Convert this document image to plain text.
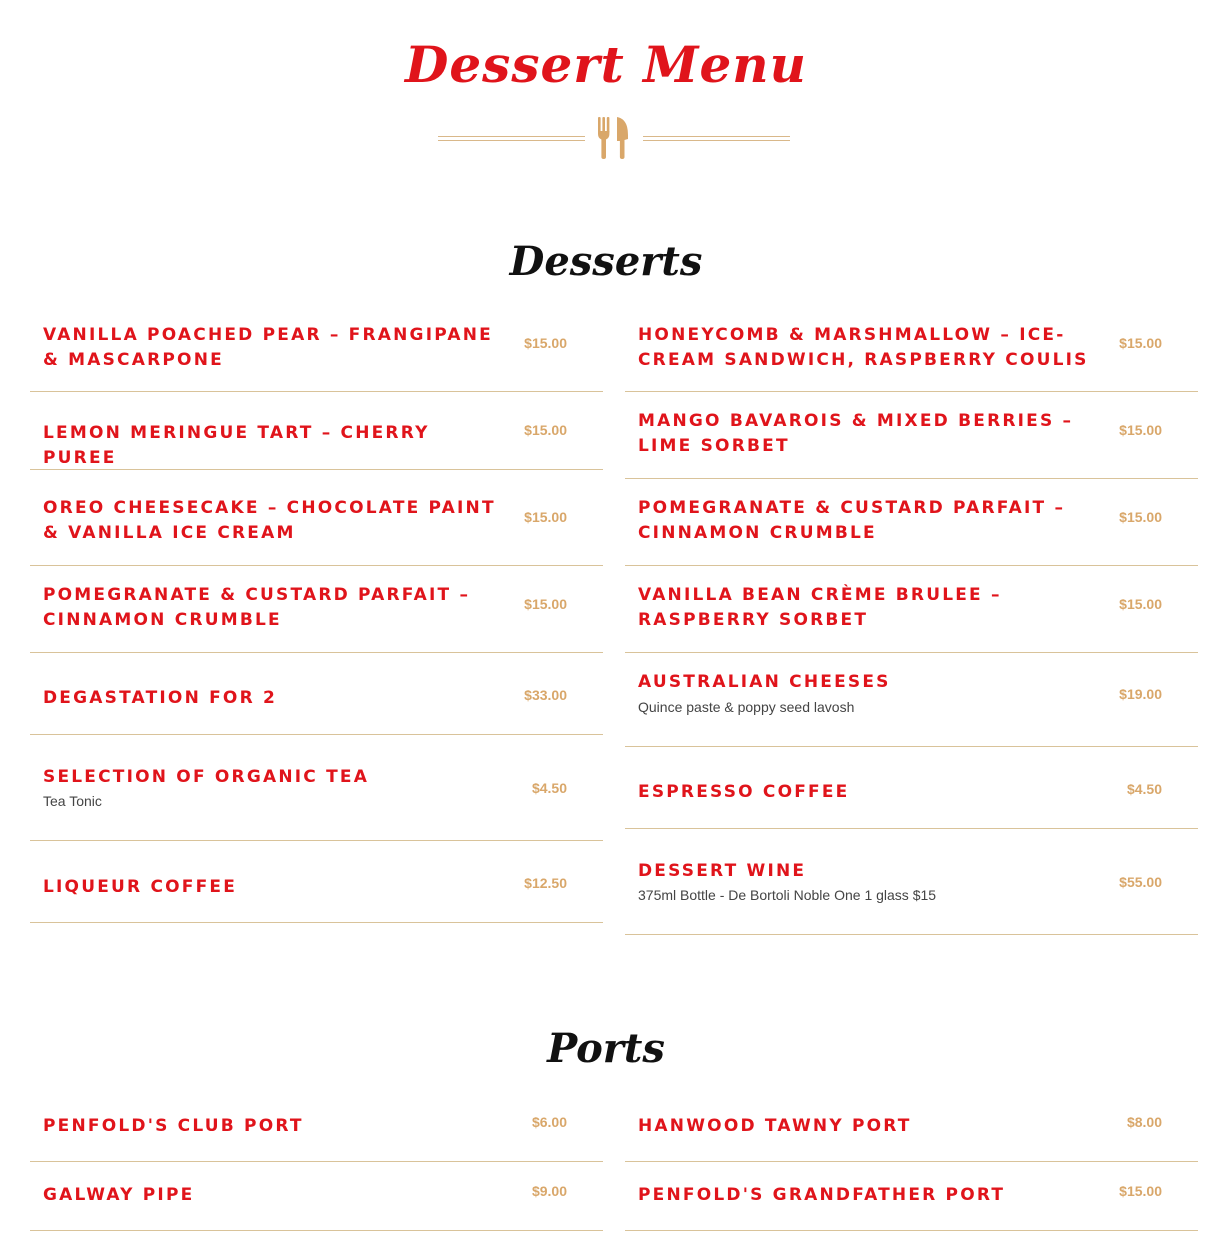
Dessert Menu
Desserts
VANILLA POACHED PEAR – FRANGIPANE & MASCARPONE
$15.00
LEMON MERINGUE TART – CHERRY PUREE
$15.00
OREO CHEESECAKE – CHOCOLATE PAINT & VANILLA ICE CREAM
$15.00
POMEGRANATE & CUSTARD PARFAIT – CINNAMON CRUMBLE
$15.00
DEGASTATION FOR 2	$33.00
SELECTION OF ORGANIC TEA
Tea Tonic
$4.50
LIQUEUR COFFEE	$12.50
HONEYCOMB & MARSHMALLOW – ICE-CREAM SANDWICH, RASPBERRY COULIS
$15.00
MANGO BAVAROIS & MIXED BERRIES – LIME SORBET
$15.00
POMEGRANATE & CUSTARD PARFAIT – CINNAMON CRUMBLE
$15.00
VANILLA BEAN CRÈME BRULEE – RASPBERRY SORBET
$15.00
AUSTRALIAN CHEESES
Quince paste & poppy seed lavosh
$19.00
ESPRESSO COFFEE	$4.50
DESSERT WINE
375ml Bottle - De Bortoli Noble One 1 glass $15
$55.00
Ports
PENFOLD'S CLUB PORT	$6.00
GALWAY PIPE	$9.00
HANWOOD TAWNY PORT	$8.00
PENFOLD'S GRANDFATHER PORT	$15.00
